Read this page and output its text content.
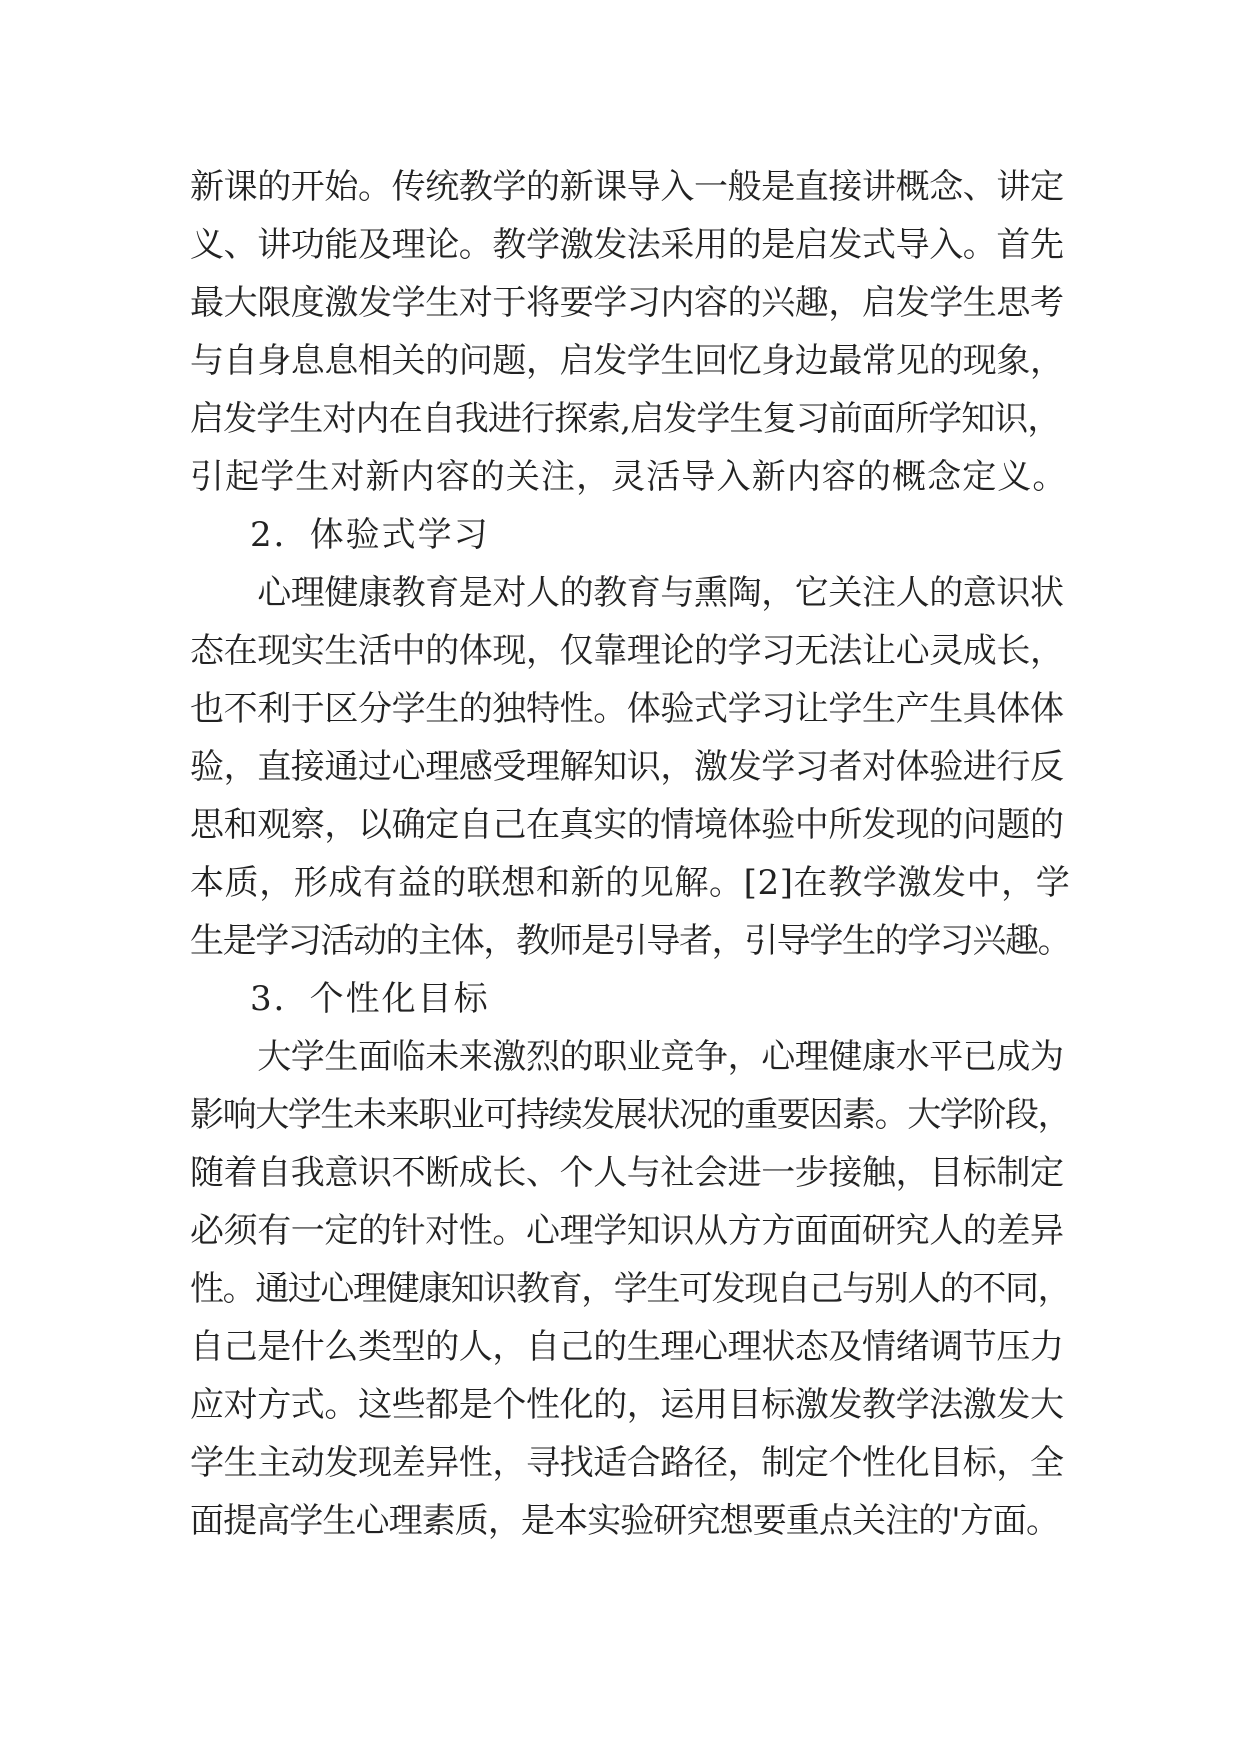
新课的开始。传统教学的新课导入一般是直接讲概念、讲定
义、讲功能及理论。教学激发法采用的是启发式导入。首先
最大限度激发学生对于将要学习内容的兴趣，启发学生思考
与自身息息相关的问题，启发学生回忆身边最常见的现象，
启发学生对内在自我进行探索,启发学生复习前面所学知识，
引起学生对新内容的关注，灵活导入新内容的概念定义。
2．体验式学习
　　心理健康教育是对人的教育与熏陶，它关注人的意识状
态在现实生活中的体现，仅靠理论的学习无法让心灵成长，
也不利于区分学生的独特性。体验式学习让学生产生具体体
验，直接通过心理感受理解知识，激发学习者对体验进行反
思和观察，以确定自己在真实的情境体验中所发现的问题的
本质，形成有益的联想和新的见解。[2]在教学激发中，学
生是学习活动的主体，教师是引导者，引导学生的学习兴趣。
3．个性化目标
　　大学生面临未来激烈的职业竞争，心理健康水平已成为
影响大学生未来职业可持续发展状况的重要因素。大学阶段，
随着自我意识不断成长、个人与社会进一步接触，目标制定
必须有一定的针对性。心理学知识从方方面面研究人的差异
性。通过心理健康知识教育，学生可发现自己与别人的不同，
自己是什么类型的人，自己的生理心理状态及情绪调节压力
应对方式。这些都是个性化的，运用目标激发教学法激发大
学生主动发现差异性，寻找适合路径，制定个性化目标，全
面提高学生心理素质，是本实验研究想要重点关注的'方面。
